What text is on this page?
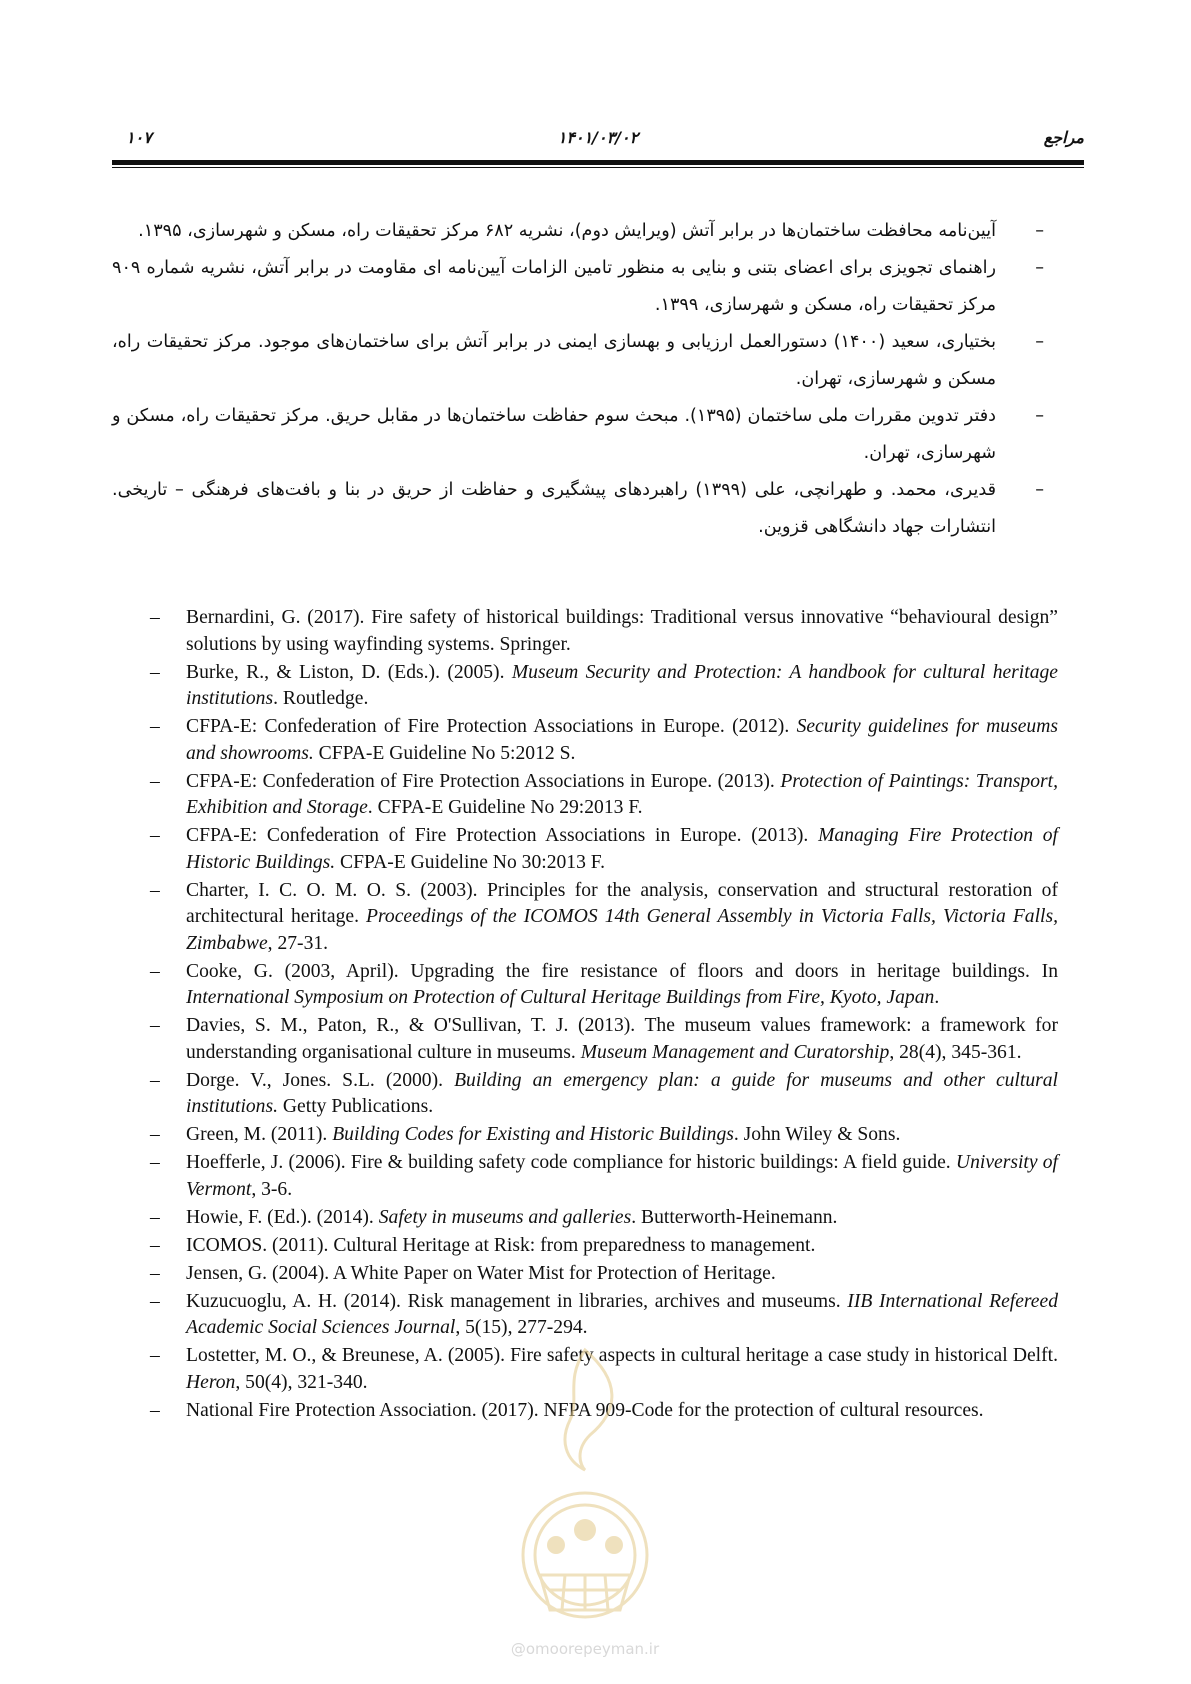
مراجع
۱۴۰۱/۰۳/۰۲
۱۰۷
–
آیین‌نامه محافظت ساختمان‌ها در برابر آتش (ویرایش دوم)، نشریه ۶۸۲ مرکز تحقیقات راه، مسکن و شهرسازی، ۱۳۹۵.
–
راهنمای تجویزی برای اعضای بتنی و بنایی به منظور تامین الزامات آیین‌نامه ای مقاومت در برابر آتش، نشریه شماره ۹۰۹ مرکز تحقیقات راه، مسکن و شهرسازی، ۱۳۹۹.
–
بختیاری، سعید (۱۴۰۰) دستورالعمل ارزیابی و بهسازی ایمنی در برابر آتش برای ساختمان‌های موجود. مرکز تحقیقات راه، مسکن و شهرسازی، تهران.
–
دفتر تدوین مقررات ملی ساختمان (۱۳۹۵). مبحث سوم حفاظت ساختمان‌ها در مقابل حریق. مرکز تحقیقات راه، مسکن و شهرسازی، تهران.
–
قدیری، محمد. و طهرانچی، علی (۱۳۹۹) راهبردهای پیشگیری و حفاظت از حریق در بنا و بافت‌های فرهنگی – تاریخی. انتشارات جهاد دانشگاهی قزوین.
– Bernardini, G. (2017). Fire safety of historical buildings: Traditional versus innovative “behavioural design” solutions by using wayfinding systems. Springer.
– Burke, R., & Liston, D. (Eds.). (2005). Museum Security and Protection: A handbook for cultural heritage institutions. Routledge.
– CFPA-E: Confederation of Fire Protection Associations in Europe. (2012). Security guidelines for museums and showrooms. CFPA-E Guideline No 5:2012 S.
– CFPA-E: Confederation of Fire Protection Associations in Europe. (2013). Protection of Paintings: Transport, Exhibition and Storage. CFPA-E Guideline No 29:2013 F.
– CFPA-E: Confederation of Fire Protection Associations in Europe. (2013). Managing Fire Protection of Historic Buildings. CFPA-E Guideline No 30:2013 F.
– Charter, I. C. O. M. O. S. (2003). Principles for the analysis, conservation and structural restoration of architectural heritage. Proceedings of the ICOMOS 14th General Assembly in Victoria Falls, Victoria Falls, Zimbabwe, 27-31.
– Cooke, G. (2003, April). Upgrading the fire resistance of floors and doors in heritage buildings. In International Symposium on Protection of Cultural Heritage Buildings from Fire, Kyoto, Japan.
– Davies, S. M., Paton, R., & O'Sullivan, T. J. (2013). The museum values framework: a framework for understanding organisational culture in museums. Museum Management and Curatorship, 28(4), 345-361.
– Dorge. V., Jones. S.L. (2000). Building an emergency plan: a guide for museums and other cultural institutions. Getty Publications.
– Green, M. (2011). Building Codes for Existing and Historic Buildings. John Wiley & Sons.
– Hoefferle, J. (2006). Fire & building safety code compliance for historic buildings: A field guide. University of Vermont, 3-6.
– Howie, F. (Ed.). (2014). Safety in museums and galleries. Butterworth-Heinemann.
– ICOMOS. (2011). Cultural Heritage at Risk: from preparedness to management.
– Jensen, G. (2004). A White Paper on Water Mist for Protection of Heritage.
– Kuzucuoglu, A. H. (2014). Risk management in libraries, archives and museums. IIB International Refereed Academic Social Sciences Journal, 5(15), 277-294.
– Lostetter, M. O., & Breunese, A. (2005). Fire safety aspects in cultural heritage a case study in historical Delft. Heron, 50(4), 321-340.
– National Fire Protection Association. (2017). NFPA 909-Code for the protection of cultural resources.
@omoorepeyman.ir
